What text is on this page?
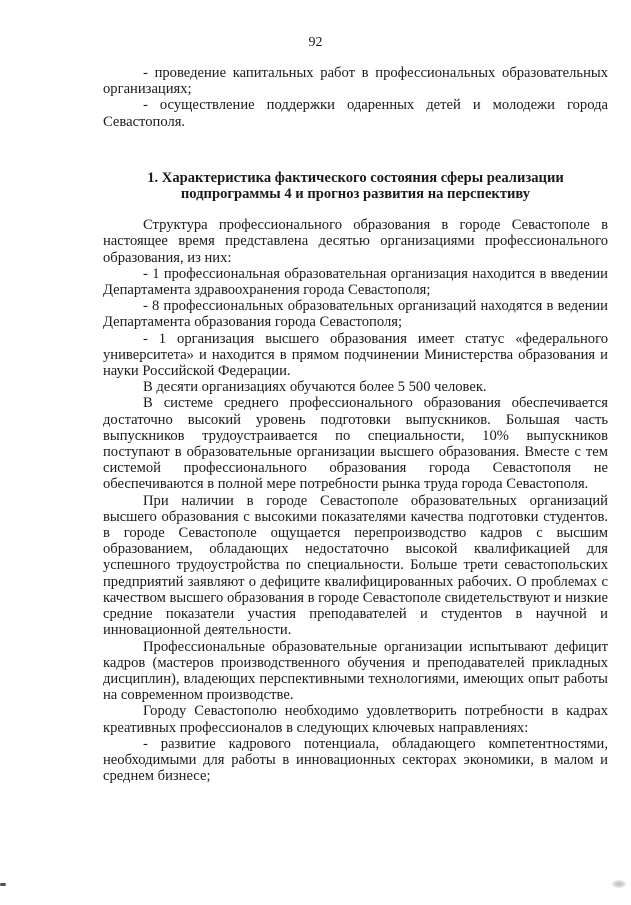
92

- проведение капитальных работ в профессиональных образовательных организациях;

- осуществление поддержки одаренных детей и молодежи города Севастополя.

1. Характеристика фактического состояния сферы реализации подпрограммы 4 и прогноз развития на перспективу

Структура профессионального образования в городе Севастополе в настоящее время представлена десятью организациями профессионального образования, из них:

- 1 профессиональная образовательная организация находится в введении Департамента здравоохранения города Севастополя;

- 8 профессиональных образовательных организаций находятся в ведении Департамента образования города Севастополя;

- 1 организация высшего образования имеет статус «федерального университета» и находится в прямом подчинении Министерства образования и науки Российской Федерации.

В десяти организациях обучаются более 5 500 человек.

В системе среднего профессионального образования обеспечивается достаточно высокий уровень подготовки выпускников. Большая часть выпускников трудоустраивается по специальности, 10% выпускников поступают в образовательные организации высшего образования. Вместе с тем системой профессионального образования города Севастополя не обеспечиваются в полной мере потребности рынка труда города Севастополя.

При наличии в городе Севастополе образовательных организаций высшего образования с высокими показателями качества подготовки студентов. в городе Севастополе ощущается перепроизводство кадров с высшим образованием, обладающих недостаточно высокой квалификацией для успешного трудоустройства по специальности. Больше трети севастопольских предприятий заявляют о дефиците квалифицированных рабочих. О проблемах с качеством высшего образования в городе Севастополе свидетельствуют и низкие средние показатели участия преподавателей и студентов в научной и инновационной деятельности.

Профессиональные образовательные организации испытывают дефицит кадров (мастеров производственного обучения и преподавателей прикладных дисциплин), владеющих перспективными технологиями, имеющих опыт работы на современном производстве.

Городу Севастополю необходимо удовлетворить потребности в кадрах креативных профессионалов в следующих ключевых направлениях:

- развитие кадрового потенциала, обладающего компетентностями, необходимыми для работы в инновационных секторах экономики, в малом и среднем бизнесе;
